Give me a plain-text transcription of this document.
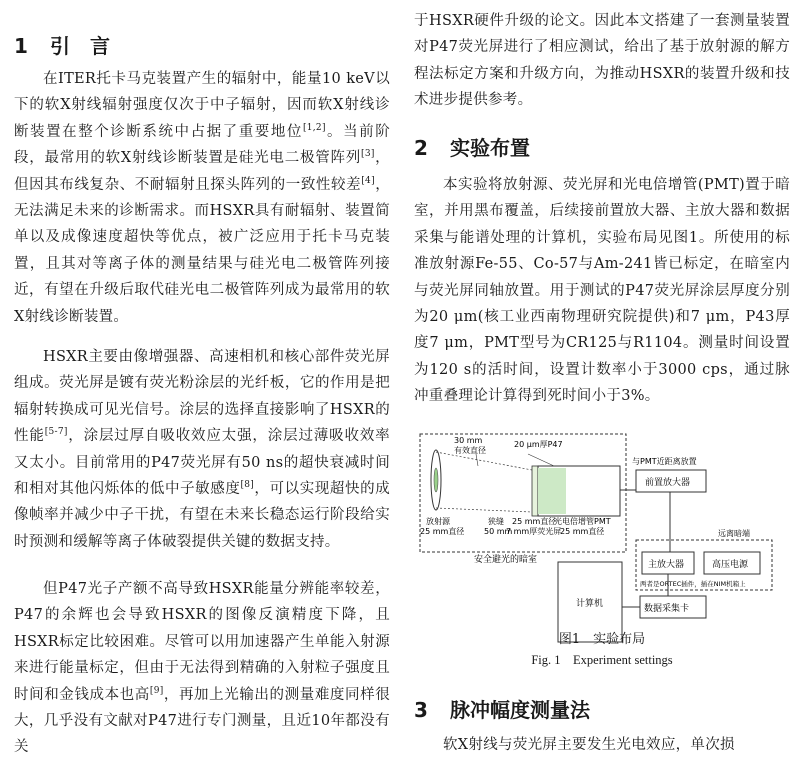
1 引　言

在ITER托卡马克装置产生的辐射中，能量10 keV以下的软X射线辐射强度仅次于中子辐射，因而软X射线诊断装置在整个诊断系统中占据了重要地位[1,2]。当前阶段，最常用的软X射线诊断装置是硅光电二极管阵列[3]，但因其布线复杂、不耐辐射且探头阵列的一致性较差[4]，无法满足未来的诊断需求。而HSXR具有耐辐射、装置简单以及成像速度超快等优点，被广泛应用于托卡马克装置，且其对等离子体的测量结果与硅光电二极管阵列接近，有望在升级后取代硅光电二极管阵列成为最常用的软X射线诊断装置。

HSXR主要由像增强器、高速相机和核心部件荧光屏组成。荧光屏是镀有荧光粉涂层的光纤板，它的作用是把辐射转换成可见光信号。涂层的选择直接影响了HSXR的性能[5-7]，涂层过厚自吸收效应太强，涂层过薄吸收效率又太小。目前常用的P47荧光屏有50 ns的超快衰减时间和相对其他闪烁体的低中子敏感度[8]，可以实现超快的成像帧率并减少中子干扰，有望在未来长稳态运行阶段给实时预测和缓解等离子体破裂提供关键的数据支持。

但P47光子产额不高导致HSXR能量分辨能率较差，P47的余辉也会导致HSXR的图像反演精度下降，且HSXR标定比较困难。尽管可以用加速器产生单能入射源来进行能量标定，但由于无法得到精确的入射粒子强度且时间和金钱成本也高[9]，再加上光输出的测量难度同样很大，几乎没有文献对P47进行专门测量，且近10年都没有关

于HSXR硬件升级的论文。因此本文搭建了一套测量装置对P47荧光屏进行了相应测试，给出了基于放射源的解方程法标定方案和升级方向，为推动HSXR的装置升级和技术进步提供参考。

2 实验布置

本实验将放射源、荧光屏和光电倍增管(PMT)置于暗室，并用黑布覆盖，后续接前置放大器、主放大器和数据采集与能谱处理的计算机，实验布局见图1。所使用的标准放射源Fe-55、Co-57与Am-241皆已标定，在暗室内与荧光屏同轴放置。用于测试的P47荧光屏涂层厚度分别为20 μm(核工业西南物理研究院提供)和7 μm，P43厚度7 μm，PMT型号为CR125与R1104。测量时间设置为120 s的活时间，设置计数率小于3000 cps，通过脉冲重叠理论计算得到死时间小于3%。

30 mm
有效直径
20 μm厚P47
放射源
25 mm直径
狭缝
50 mm
25 mm直径
7 mm厚荧光屏
光电倍增管PMT
25 mm直径
与PMT近距离放置
前置放大器
安全避光的暗室
远离暗端
主放大器	高压电源
两者是ORTEC插件，插在NIM机箱上
计算机	数据采集卡
图1　实验布局
Fig. 1　Experiment settings
3 脉冲幅度测量法

软X射线与荧光屏主要发生光电效应，单次损
